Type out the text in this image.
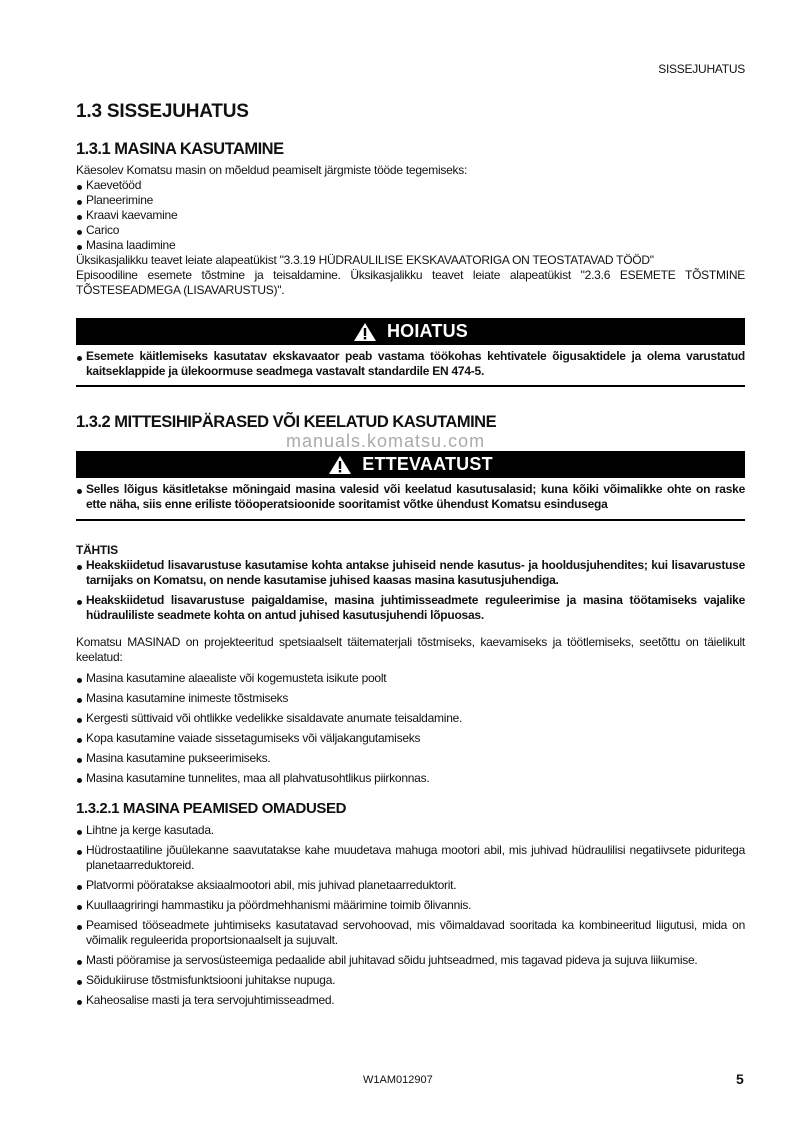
SISSEJUHATUS
1.3 SISSEJUHATUS
1.3.1 MASINA KASUTAMINE
Käesolev Komatsu masin on mõeldud peamiselt järgmiste tööde tegemiseks:
Kaevetööd
Planeerimine
Kraavi kaevamine
Carico
Masina laadimine
Üksikasjalikku teavet leiate alapeatükist "3.3.19 HÜDRAULILISE EKSKAVAATORIGA ON TEOSTATAVAD TÖÖD"
Episoodiline esemete tõstmine ja teisaldamine. Üksikasjalikku teavet leiate alapeatükist "2.3.6 ESEMETE TÕSTMINE TÕSTESEADMEGA (LISAVARUSTUS)".
HOIATUS
Esemete käitlemiseks kasutatav ekskavaator peab vastama töökohas kehtivatele õigusaktidele ja olema varustatud kaitseklappide ja ülekoormuse seadmega vastavalt standardile EN 474-5.
1.3.2 MITTESIHIPÄRASED VÕI KEELATUD KASUTAMINE
manuals.komatsu.com
ETTEVAATUST
Selles lõigus käsitletakse mõningaid masina valesid või keelatud kasutusalasid; kuna kõiki võimalikke ohte on raske ette näha, siis enne eriliste tööoperatsioonide sooritamist võtke ühendust Komatsu esindusega
TÄHTIS
Heakskiidetud lisavarustuse kasutamise kohta antakse juhiseid nende kasutus- ja hooldusjuhendites; kui lisavarustuse tarnijaks on Komatsu, on nende kasutamise juhised kaasas masina kasutusjuhendiga.
Heakskiidetud lisavarustuse paigaldamise, masina juhtimisseadmete reguleerimise ja masina töötamiseks vajalike hüdrauliliste seadmete kohta on antud juhised kasutusjuhendi lõpuosas.
Komatsu MASINAD on projekteeritud spetsiaalselt täitematerjali tõstmiseks, kaevamiseks ja töötlemiseks, seetõttu on täielikult keelatud:
Masina kasutamine alaealiste või kogemusteta isikute poolt
Masina kasutamine inimeste tõstmiseks
Kergesti süttivaid või ohtlikke vedelikke sisaldavate anumate teisaldamine.
Kopa kasutamine vaiade sissetagumiseks või väljakangutamiseks
Masina kasutamine pukseerimiseks.
Masina kasutamine tunnelites, maa all plahvatusohtlikus piirkonnas.
1.3.2.1 MASINA PEAMISED OMADUSED
Lihtne ja kerge kasutada.
Hüdrostaatiline jõuülekanne saavutatakse kahe muudetava mahuga mootori abil, mis juhivad hüdraulilisi negatiivsete piduritega planetaarreduktoreid.
Platvormi pööratakse aksiaalmootori abil, mis juhivad planetaarreduktorit.
Kuullaagriringi hammastiku ja pöördmehhanismi määrimine toimib õlivannis.
Peamised tööseadmete juhtimiseks kasutatavad servohoovad, mis võimaldavad sooritada ka kombineeritud liigutusi, mida on võimalik reguleerida proportsionaalselt ja sujuvalt.
Masti pööramise ja servosüsteemiga pedaalide abil juhitavad sõidu juhtseadmed, mis tagavad pideva ja sujuva liikumise.
Sõidukiiruse tõstmisfunktsiooni juhitakse nupuga.
Kaheosalise masti ja tera servojuhtimisseadmed.
W1AM012907	5
